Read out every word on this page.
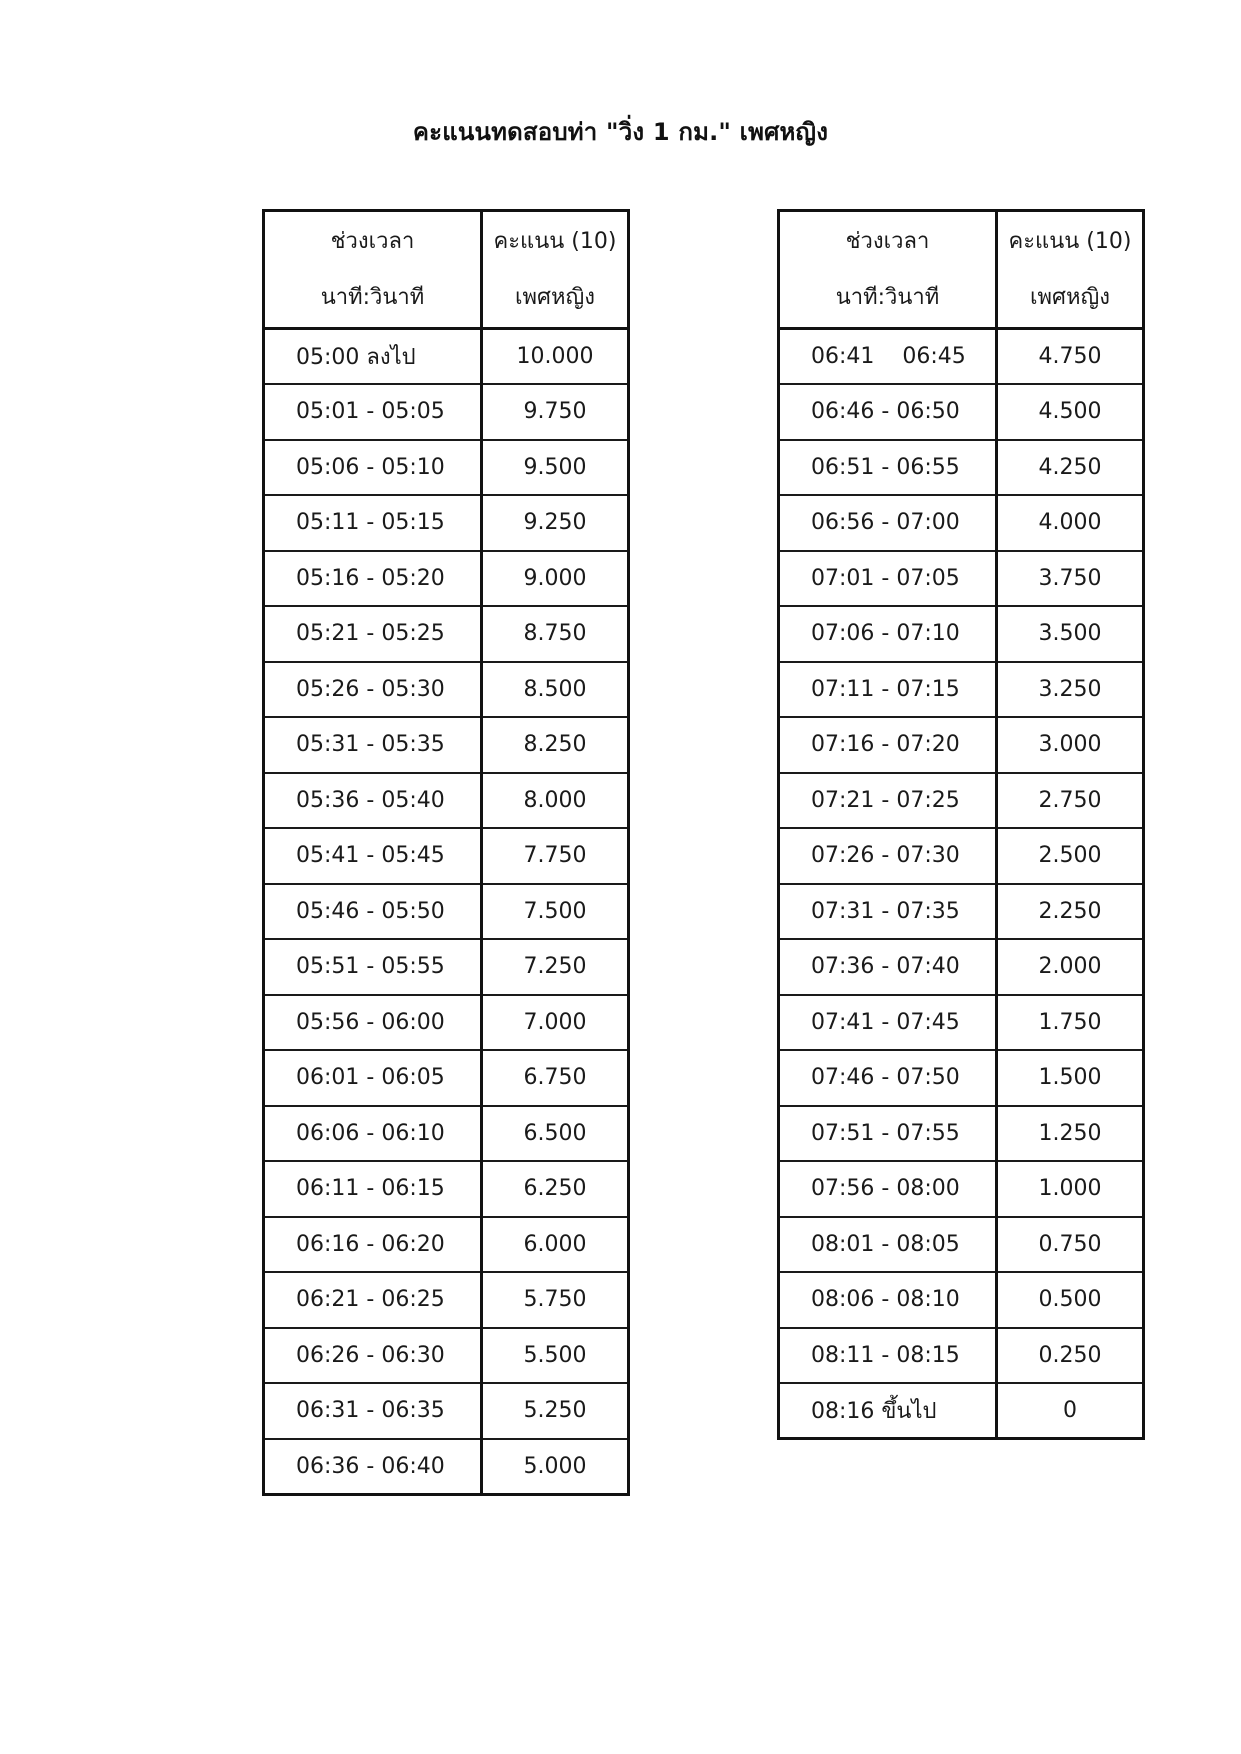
คะแนนทดสอบท่า "วิ่ง 1 กม." เพศหญิง
ช่วงเวลา
นาที:วินาที	คะแนน (10)
เพศหญิง

05:00 ลงไป	10.000
05:01 - 05:05	9.750
05:06 - 05:10	9.500
05:11 - 05:15	9.250
05:16 - 05:20	9.000
05:21 - 05:25	8.750
05:26 - 05:30	8.500
05:31 - 05:35	8.250
05:36 - 05:40	8.000
05:41 - 05:45	7.750
05:46 - 05:50	7.500
05:51 - 05:55	7.250
05:56 - 06:00	7.000
06:01 - 06:05	6.750
06:06 - 06:10	6.500
06:11 - 06:15	6.250
06:16 - 06:20	6.000
06:21 - 06:25	5.750
06:26 - 06:30	5.500
06:31 - 06:35	5.250
06:36 - 06:40	5.000
ช่วงเวลา
นาที:วินาที	คะแนน (10)
เพศหญิง

06:41    06:45	4.750
06:46 - 06:50	4.500
06:51 - 06:55	4.250
06:56 - 07:00	4.000
07:01 - 07:05	3.750
07:06 - 07:10	3.500
07:11 - 07:15	3.250
07:16 - 07:20	3.000
07:21 - 07:25	2.750
07:26 - 07:30	2.500
07:31 - 07:35	2.250
07:36 - 07:40	2.000
07:41 - 07:45	1.750
07:46 - 07:50	1.500
07:51 - 07:55	1.250
07:56 - 08:00	1.000
08:01 - 08:05	0.750
08:06 - 08:10	0.500
08:11 - 08:15	0.250
08:16 ขึ้นไป	0
